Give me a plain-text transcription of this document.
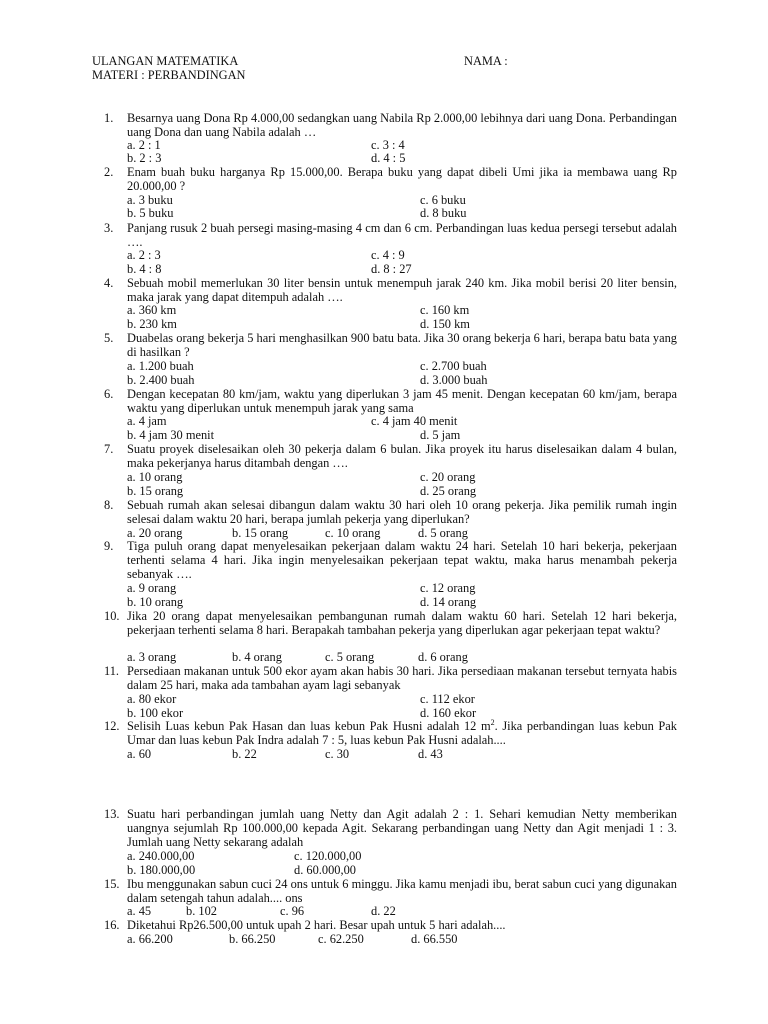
ULANGAN MATEMATIKA
MATERI : PERBANDINGAN
NAMA :
1. Besarnya uang Dona Rp 4.000,00 sedangkan uang Nabila Rp 2.000,00 lebihnya dari uang Dona. Perbandingan uang Dona dan uang Nabila adalah …
a. 2 : 1	c. 3 : 4
b. 2 : 3	d. 4 : 5
2. Enam buah buku harganya Rp 15.000,00. Berapa buku yang dapat dibeli Umi jika ia membawa uang Rp 20.000,00 ?
a. 3 buku	c. 6 buku
b. 5 buku	d. 8 buku
3. Panjang rusuk 2 buah persegi masing-masing 4 cm dan 6 cm. Perbandingan luas kedua persegi tersebut adalah ….
a. 2 : 3	c. 4 : 9
b. 4 : 8	d. 8 : 27
4. Sebuah mobil memerlukan 30 liter bensin untuk menempuh jarak 240 km. Jika mobil berisi 20 liter bensin, maka jarak yang dapat ditempuh adalah ….
a. 360 km	c. 160 km
b. 230 km	d. 150 km
5. Duabelas orang bekerja 5 hari menghasilkan 900 batu bata. Jika 30 orang bekerja 6 hari, berapa batu bata yang di hasilkan ?
a. 1.200 buah	c. 2.700 buah
b. 2.400 buah	d. 3.000 buah
6. Dengan kecepatan 80 km/jam, waktu yang diperlukan 3 jam 45 menit. Dengan kecepatan 60 km/jam, berapa waktu yang diperlukan untuk menempuh jarak yang sama
a. 4 jam	c. 4 jam 40 menit
b. 4 jam 30 menit	d. 5 jam
7. Suatu proyek diselesaikan oleh 30 pekerja dalam 6 bulan. Jika proyek itu harus diselesaikan dalam 4 bulan, maka pekerjanya harus ditambah dengan ….
a. 10 orang	c. 20 orang
b. 15 orang	d. 25 orang
8. Sebuah rumah akan selesai dibangun dalam waktu 30 hari oleh 10 orang pekerja. Jika pemilik rumah ingin selesai dalam waktu 20 hari, berapa jumlah pekerja yang diperlukan?
a. 20 orang	b. 15 orang	c. 10 orang	d. 5 orang
9. Tiga puluh orang dapat menyelesaikan pekerjaan dalam waktu 24 hari. Setelah 10 hari bekerja, pekerjaan terhenti selama 4 hari. Jika ingin menyelesaikan pekerjaan tepat waktu, maka harus menambah pekerja sebanyak ….
a. 9 orang	c. 12 orang
b. 10 orang	d. 14 orang
10. Jika 20 orang dapat menyelesaikan pembangunan rumah dalam waktu 60 hari. Setelah 12 hari bekerja, pekerjaan terhenti selama 8 hari. Berapakah tambahan pekerja yang diperlukan agar pekerjaan tepat waktu?
a. 3 orang	b. 4 orang	c. 5 orang	d. 6 orang
11. Persediaan makanan untuk 500 ekor ayam akan habis 30 hari. Jika persediaan makanan tersebut ternyata habis dalam 25 hari, maka ada tambahan ayam lagi sebanyak
a. 80 ekor	c. 112 ekor
b. 100 ekor	d. 160 ekor
12. Selisih Luas kebun Pak Hasan dan luas kebun Pak Husni adalah 12 $m^2$. Jika perbandingan luas kebun Pak Umar dan luas kebun Pak Indra adalah 7 : 5, luas kebun Pak Husni adalah....
a. 60	b. 22	c. 30	d. 43
13. Suatu hari perbandingan jumlah uang Netty dan Agit adalah 2 : 1. Sehari kemudian Netty memberikan uangnya sejumlah Rp 100.000,00 kepada Agit. Sekarang perbandingan uang Netty dan Agit menjadi 1 : 3. Jumlah uang Netty sekarang adalah
a. 240.000,00	c. 120.000,00
b. 180.000,00	d. 60.000,00
15. Ibu menggunakan sabun cuci 24 ons untuk 6 minggu. Jika kamu menjadi ibu, berat sabun cuci yang digunakan dalam setengah tahun adalah.... ons
a. 45	b. 102	c. 96	d. 22
16. Diketahui Rp26.500,00 untuk upah 2 hari. Besar upah untuk 5 hari adalah....
a. 66.200	b. 66.250	c. 62.250	d. 66.550
